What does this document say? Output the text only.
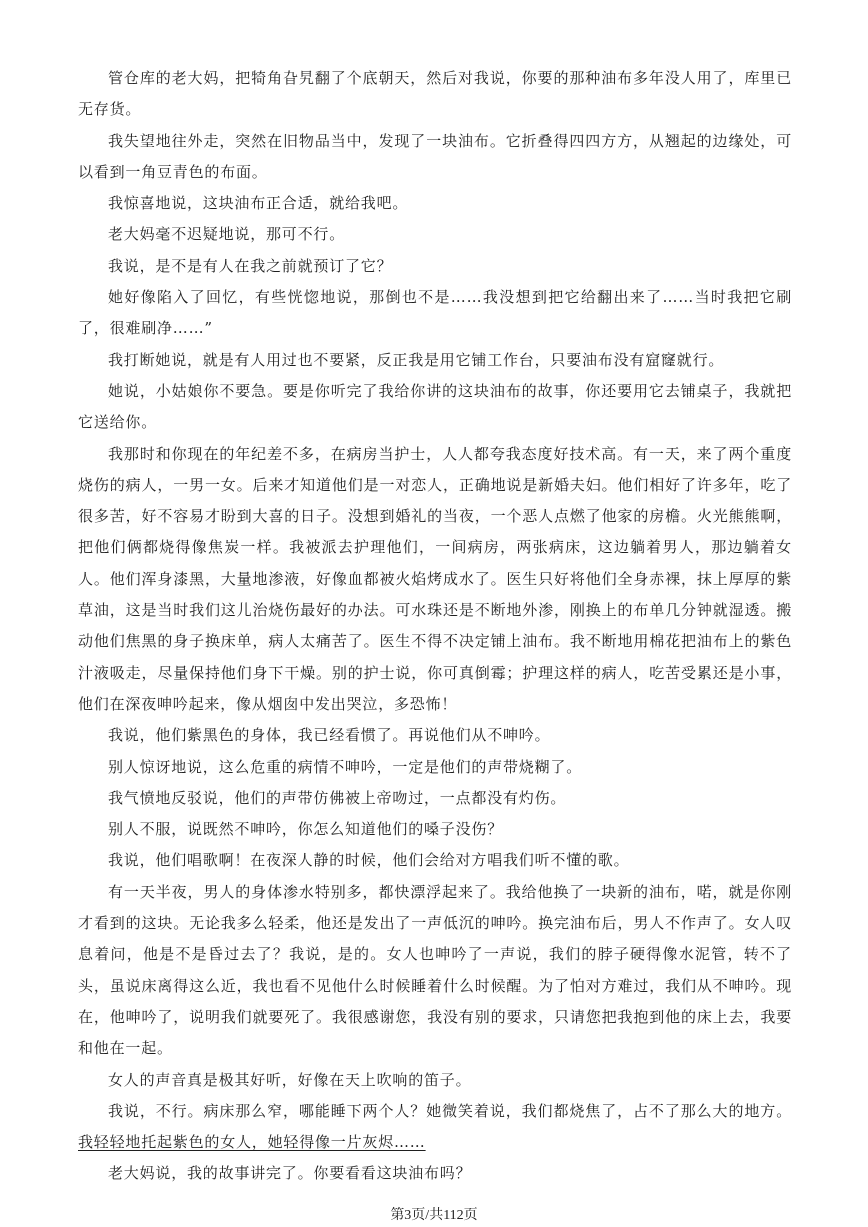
管仓库的老大妈，把犄角旮旯翻了个底朝天，然后对我说，你要的那种油布多年没人用了，库里已无存货。

我失望地往外走，突然在旧物品当中，发现了一块油布。它折叠得四四方方，从翘起的边缘处，可以看到一角豆青色的布面。

我惊喜地说，这块油布正合适，就给我吧。

老大妈毫不迟疑地说，那可不行。

我说，是不是有人在我之前就预订了它？

她好像陷入了回忆，有些恍惚地说，那倒也不是……我没想到把它给翻出来了……当时我把它刷了，很难刷净……”

我打断她说，就是有人用过也不要紧，反正我是用它铺工作台，只要油布没有窟窿就行。

她说，小姑娘你不要急。要是你听完了我给你讲的这块油布的故事，你还要用它去铺桌子，我就把它送给你。

我那时和你现在的年纪差不多，在病房当护士，人人都夸我态度好技术高。有一天，来了两个重度烧伤的病人，一男一女。后来才知道他们是一对恋人，正确地说是新婚夫妇。他们相好了许多年，吃了很多苦，好不容易才盼到大喜的日子。没想到婚礼的当夜，一个恶人点燃了他家的房檐。火光熊熊啊，把他们俩都烧得像焦炭一样。我被派去护理他们，一间病房，两张病床，这边躺着男人，那边躺着女人。他们浑身漆黑，大量地渗液，好像血都被火焰烤成水了。医生只好将他们全身赤裸，抹上厚厚的紫草油，这是当时我们这儿治烧伤最好的办法。可水珠还是不断地外渗，刚换上的布单几分钟就湿透。搬动他们焦黑的身子换床单，病人太痛苦了。医生不得不决定铺上油布。我不断地用棉花把油布上的紫色汁液吸走，尽量保持他们身下干燥。别的护士说，你可真倒霉；护理这样的病人，吃苦受累还是小事，他们在深夜呻吟起来，像从烟囱中发出哭泣，多恐怖！

我说，他们紫黑色的身体，我已经看惯了。再说他们从不呻吟。

别人惊讶地说，这么危重的病情不呻吟，一定是他们的声带烧糊了。

我气愤地反驳说，他们的声带仿佛被上帝吻过，一点都没有灼伤。

别人不服，说既然不呻吟，你怎么知道他们的嗓子没伤？

我说，他们唱歌啊！在夜深人静的时候，他们会给对方唱我们听不懂的歌。

有一天半夜，男人的身体渗水特别多，都快漂浮起来了。我给他换了一块新的油布，喏，就是你刚才看到的这块。无论我多么轻柔，他还是发出了一声低沉的呻吟。换完油布后，男人不作声了。女人叹息着问，他是不是昏过去了？我说，是的。女人也呻吟了一声说，我们的脖子硬得像水泥管，转不了头，虽说床离得这么近，我也看不见他什么时候睡着什么时候醒。为了怕对方难过，我们从不呻吟。现在，他呻吟了，说明我们就要死了。我很感谢您，我没有别的要求，只请您把我抱到他的床上去，我要和他在一起。

女人的声音真是极其好听，好像在天上吹响的笛子。

我说，不行。病床那么窄，哪能睡下两个人？她微笑着说，我们都烧焦了，占不了那么大的地方。我轻轻地托起紫色的女人，她轻得像一片灰烬……

老大妈说，我的故事讲完了。你要看看这块油布吗？

第3页/共112页
